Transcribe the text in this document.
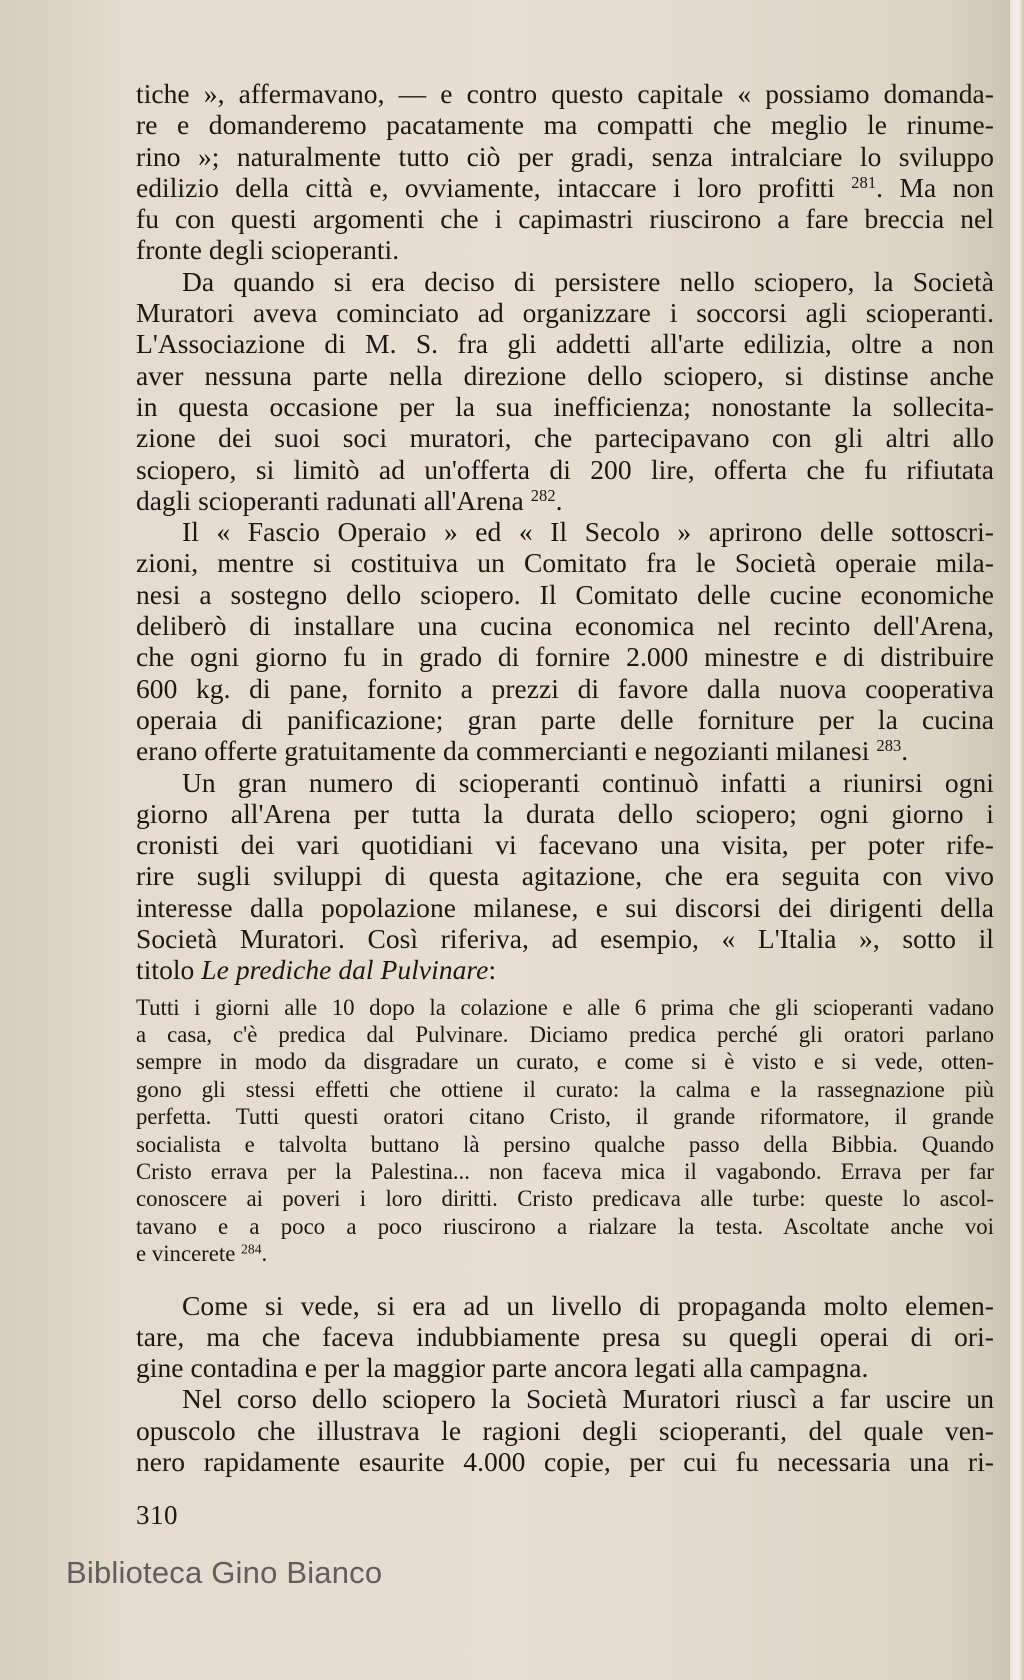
tiche », affermavano, — e contro questo capitale « possiamo domanda-
re e domanderemo pacatamente ma compatti che meglio le rinume-
rino »; naturalmente tutto ciò per gradi, senza intralciare lo sviluppo
edilizio della città e, ovviamente, intaccare i loro profitti $^{281}$. Ma non
fu con questi argomenti che i capimastri riuscirono a fare breccia nel
fronte degli scioperanti.
Da quando si era deciso di persistere nello sciopero, la Società
Muratori aveva cominciato ad organizzare i soccorsi agli scioperanti.
L'Associazione di M. S. fra gli addetti all'arte edilizia, oltre a non
aver nessuna parte nella direzione dello sciopero, si distinse anche
in questa occasione per la sua inefficienza; nonostante la sollecita-
zione dei suoi soci muratori, che partecipavano con gli altri allo
sciopero, si limitò ad un'offerta di 200 lire, offerta che fu rifiutata
dagli scioperanti radunati all'Arena $^{282}$.
Il « Fascio Operaio » ed « Il Secolo » aprirono delle sottoscri-
zioni, mentre si costituiva un Comitato fra le Società operaie mila-
nesi a sostegno dello sciopero. Il Comitato delle cucine economiche
deliberò di installare una cucina economica nel recinto dell'Arena,
che ogni giorno fu in grado di fornire 2.000 minestre e di distribuire
600 kg. di pane, fornito a prezzi di favore dalla nuova cooperativa
operaia di panificazione; gran parte delle forniture per la cucina
erano offerte gratuitamente da commercianti e negozianti milanesi $^{283}$.
Un gran numero di scioperanti continuò infatti a riunirsi ogni
giorno all'Arena per tutta la durata dello sciopero; ogni giorno i
cronisti dei vari quotidiani vi facevano una visita, per poter rife-
rire sugli sviluppi di questa agitazione, che era seguita con vivo
interesse dalla popolazione milanese, e sui discorsi dei dirigenti della
Società Muratori. Così riferiva, ad esempio, « L'Italia », sotto il
titolo Le prediche dal Pulvinare:
Tutti i giorni alle 10 dopo la colazione e alle 6 prima che gli scioperanti vadano
a casa, c'è predica dal Pulvinare. Diciamo predica perché gli oratori parlano
sempre in modo da disgradare un curato, e come si è visto e si vede, otten-
gono gli stessi effetti che ottiene il curato: la calma e la rassegnazione più
perfetta. Tutti questi oratori citano Cristo, il grande riformatore, il grande
socialista e talvolta buttano là persino qualche passo della Bibbia. Quando
Cristo errava per la Palestina... non faceva mica il vagabondo. Errava per far
conoscere ai poveri i loro diritti. Cristo predicava alle turbe: queste lo ascol-
tavano e a poco a poco riuscirono a rialzare la testa. Ascoltate anche voi
e vincerete $^{284}$.
Come si vede, si era ad un livello di propaganda molto elemen-
tare, ma che faceva indubbiamente presa su quegli operai di ori-
gine contadina e per la maggior parte ancora legati alla campagna.
Nel corso dello sciopero la Società Muratori riuscì a far uscire un
opuscolo che illustrava le ragioni degli scioperanti, del quale ven-
nero rapidamente esaurite 4.000 copie, per cui fu necessaria una ri-
310
Biblioteca Gino Bianco
